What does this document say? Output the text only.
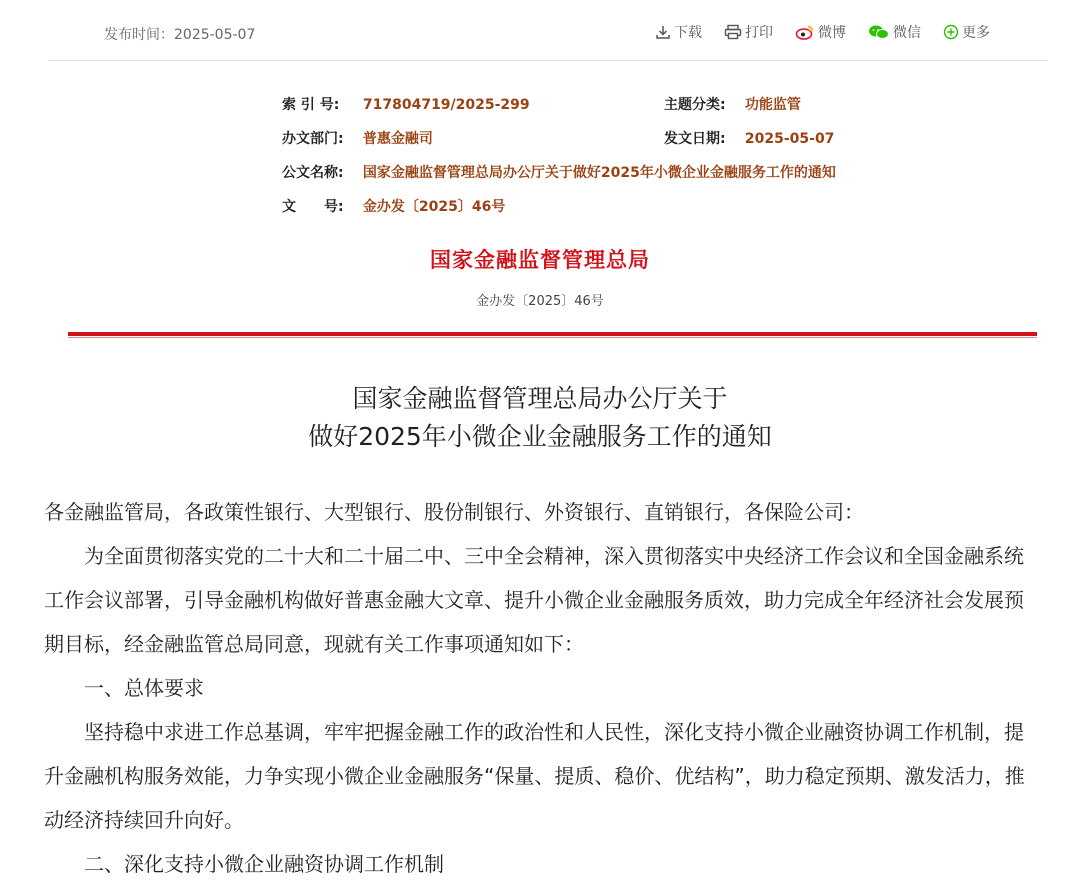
发布时间：2025-05-07	下载	打印	微博	微信	更多
索 引 号: 717804719/2025-299	主题分类: 功能监管
办文部门: 普惠金融司	发文日期: 2025-05-07
公文名称: 国家金融监督管理总局办公厅关于做好2025年小微企业金融服务工作的通知
文　　号: 金办发〔2025〕46号
国家金融监督管理总局
金办发〔2025〕46号
国家金融监督管理总局办公厅关于
做好2025年小微企业金融服务工作的通知

各金融监管局，各政策性银行、大型银行、股份制银行、外资银行、直销银行，各保险公司：

为全面贯彻落实党的二十大和二十届二中、三中全会精神，深入贯彻落实中央经济工作会议和全国金融系统工作会议部署，引导金融机构做好普惠金融大文章、提升小微企业金融服务质效，助力完成全年经济社会发展预期目标，经金融监管总局同意，现就有关工作事项通知如下：

一、总体要求

坚持稳中求进工作总基调，牢牢把握金融工作的政治性和人民性，深化支持小微企业融资协调工作机制，提升金融机构服务效能，力争实现小微企业金融服务“保量、提质、稳价、优结构”，助力稳定预期、激发活力，推动经济持续回升向好。

二、深化支持小微企业融资协调工作机制
